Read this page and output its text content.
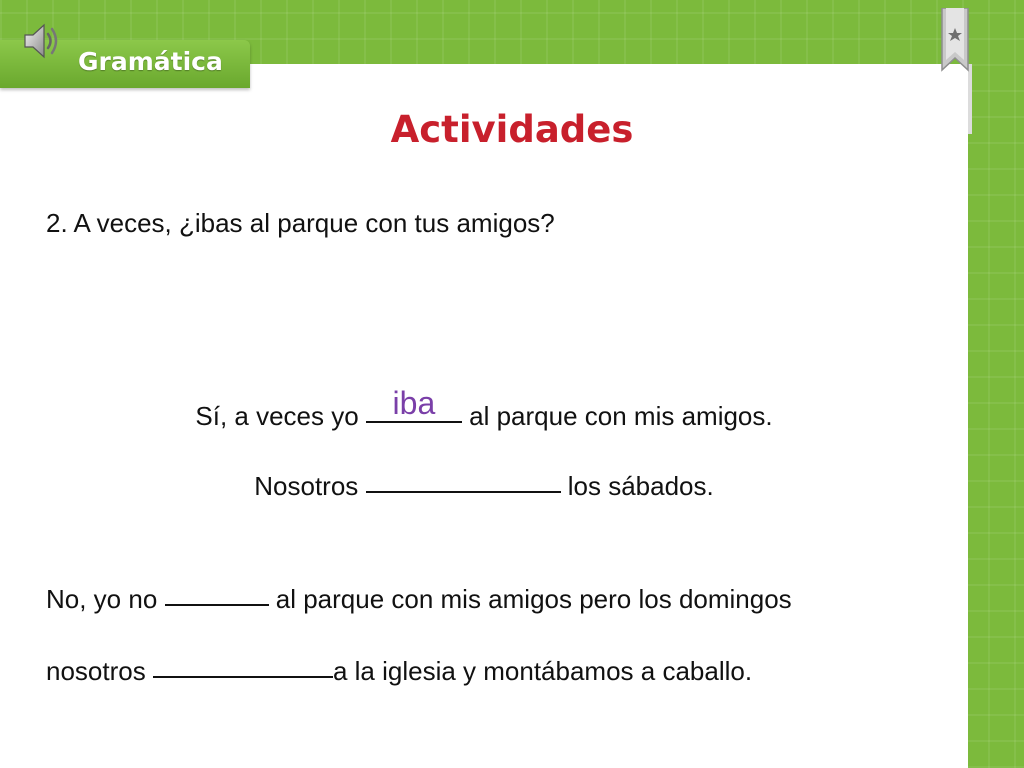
Gramática
Actividades
2. A veces, ¿ibas al parque con tus amigos?
Sí, a veces yo iba	al parque con mis amigos.
Nosotros	los sábados.
No, yo no	al parque con mis amigos pero los domingos
nosotros	a la iglesia y montábamos a caballo.
